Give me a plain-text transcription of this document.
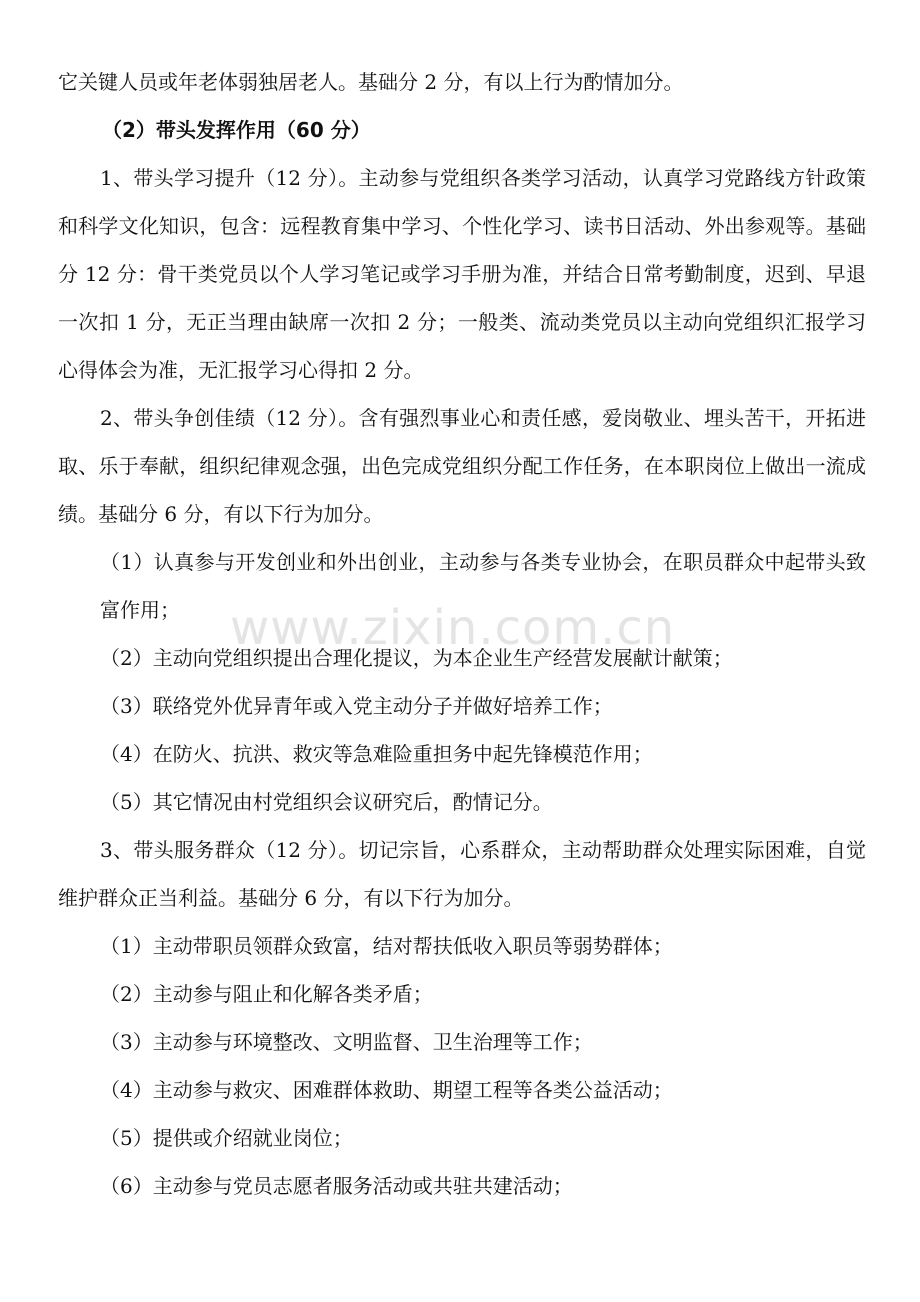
www.zixin.com.cn

它关键人员或年老体弱独居老人。基础分 2 分，有以上行为酌情加分。

（2）带头发挥作用（60 分）

1、带头学习提升（12 分）。主动参与党组织各类学习活动，认真学习党路线方针政策和科学文化知识，包含：远程教育集中学习、个性化学习、读书日活动、外出参观等。基础分 12 分：骨干类党员以个人学习笔记或学习手册为准，并结合日常考勤制度，迟到、早退一次扣 1 分，无正当理由缺席一次扣 2 分；一般类、流动类党员以主动向党组织汇报学习心得体会为准，无汇报学习心得扣 2 分。

2、带头争创佳绩（12 分）。含有强烈事业心和责任感，爱岗敬业、埋头苦干，开拓进取、乐于奉献，组织纪律观念强，出色完成党组织分配工作任务，在本职岗位上做出一流成绩。基础分 6 分，有以下行为加分。

（1）认真参与开发创业和外出创业，主动参与各类专业协会，在职员群众中起带头致富作用；

（2）主动向党组织提出合理化提议，为本企业生产经营发展献计献策；

（3）联络党外优异青年或入党主动分子并做好培养工作；

（4）在防火、抗洪、救灾等急难险重担务中起先锋模范作用；

（5）其它情况由村党组织会议研究后，酌情记分。

3、带头服务群众（12 分）。切记宗旨，心系群众，主动帮助群众处理实际困难，自觉维护群众正当利益。基础分 6 分，有以下行为加分。

（1）主动带职员领群众致富，结对帮扶低收入职员等弱势群体；

（2）主动参与阻止和化解各类矛盾；

（3）主动参与环境整改、文明监督、卫生治理等工作；

（4）主动参与救灾、困难群体救助、期望工程等各类公益活动；

（5）提供或介绍就业岗位；

（6）主动参与党员志愿者服务活动或共驻共建活动；
